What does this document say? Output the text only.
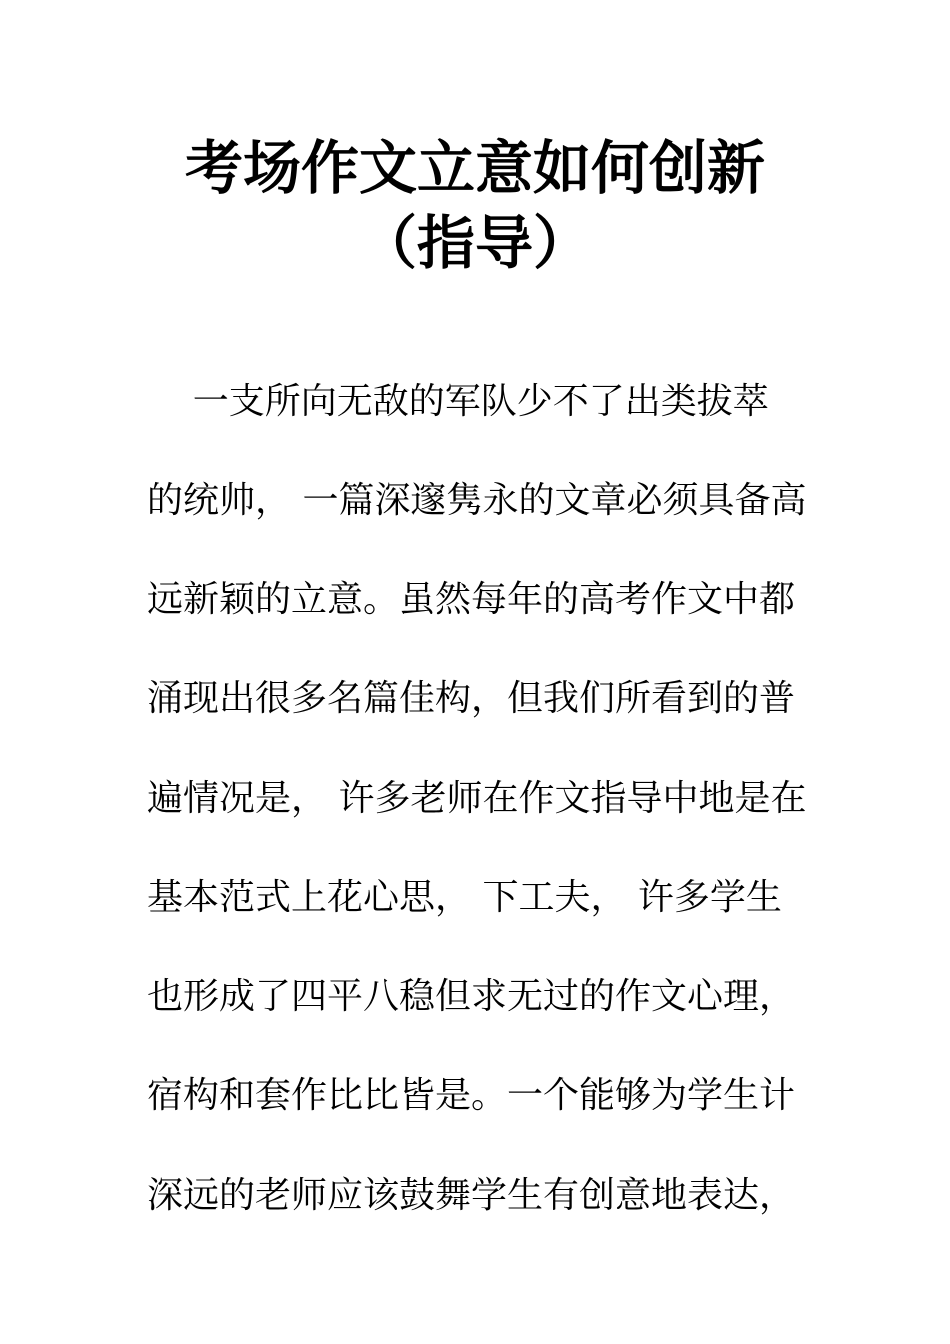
考场作文立意如何创新
（指导）

一支所向无敌的军队少不了出类拔萃

的统帅， 一篇深邃隽永的文章必须具备高

远新颖的立意。虽然每年的高考作文中都

涌现出很多名篇佳构，但我们所看到的普

遍情况是， 许多老师在作文指导中地是在

基本范式上花心思， 下工夫， 许多学生

也形成了四平八稳但求无过的作文心理，

宿构和套作比比皆是。一个能够为学生计

深远的老师应该鼓舞学生有创意地表达，
